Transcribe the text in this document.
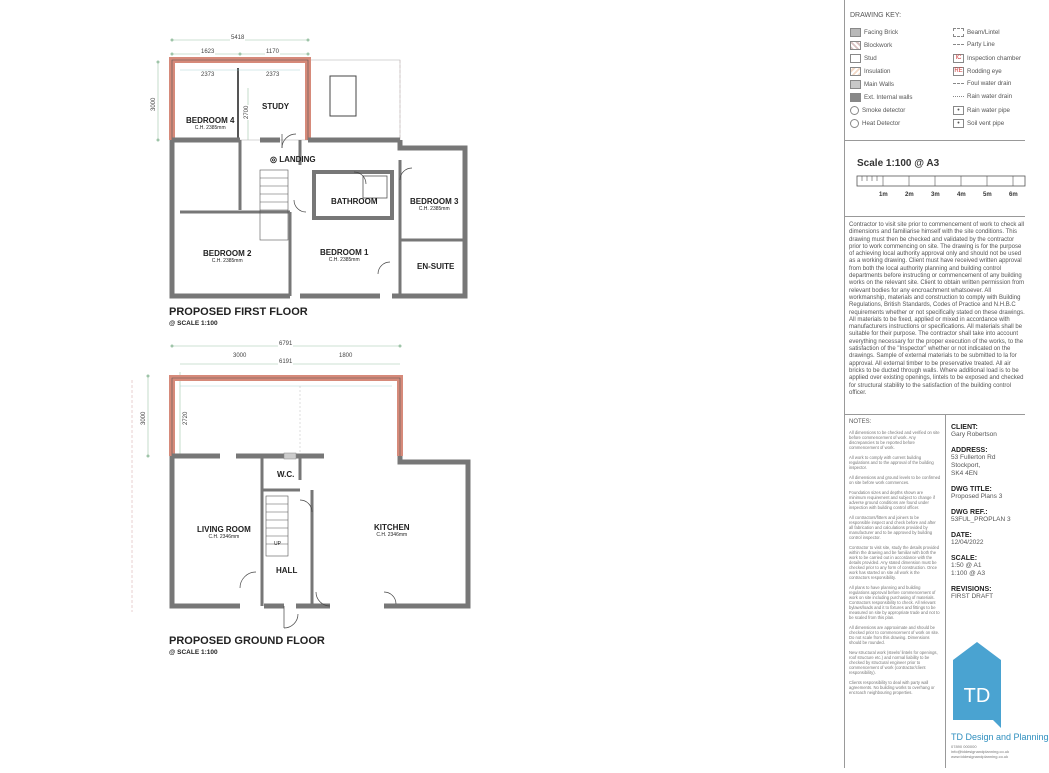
5418
1623	1170
2373	2373
3000
2700
6791
3000	1800
6191
3000	2720
BEDROOM 4
C.H. 2385mm
STUDY
◎ LANDING
BATHROOM	BEDROOM 3
C.H. 2385mm
BEDROOM 2
C.H. 2385mm
BEDROOM 1
C.H. 2385mm
EN-SUITE
PROPOSED FIRST FLOOR
@ SCALE 1:100
W.C.
LIVING ROOM
C.H. 2346mm
KITCHEN
C.H. 2346mm
UP
HALL
PROPOSED GROUND FLOOR
@ SCALE 1:100
DRAWING KEY:
Facing Brick
Blockwork
Stud
Insulation
Main Walls
Ext. Internal walls
Smoke detector
Heat Detector
Beam/Lintel
Party Line
IC Inspection chamber
RE Rodding eye
Foul water drain
Rain water drain
•	Rain water pipe
•	Soil vent pipe
Scale 1:100 @ A3
1m	2m	3m	4m	5m	6m
Contractor to visit site prior to commencement of work to check all dimensions and familiarise himself with the site conditions. This drawing must then be checked and validated by the contractor prior to work commencing on site. The drawing is for the purpose of achieving local authority approval only and should not be used as a working drawing. Client must have received written approval from both the local authority planning and building control departments before instructing or commencement of any building works on the relevant site. Client to obtain written permission from relevant bodies for any encroachment whatsoever. All workmanship, materials and construction to comply with Building Regulations, British Standards, Codes of Practice and N.H.B.C requirements whether or not specifically stated on these drawings. All materials to be fixed, applied or mixed in accordance with manufacturers instructions or specifications. All materials shall be suitable for their purpose. The contractor shall take into account everything necessary for the proper execution of the works, to the satisfaction of the "Inspector" whether or not indicated on the drawings. Sample of external materials to be submitted to la for approval. All external timber to be preservative treated. All air bricks to be ducted through walls. Where additional load is to be applied over existing openings, lintels to be exposed and checked for structural stability to the satisfaction of the building control officer.

NOTES:

All dimensions to be checked and verified on site before commencement of work. Any discrepancies to be reported before commencement of work.

All work to comply with current building regulations and to the approval of the building inspector.

All dimensions and ground levels to be confirmed on site before work commences.

Foundation sizes and depths shown are minimum requirement and subject to change if adverse ground conditions are found under inspection with building control officer.

All contractors/fitters and joiners to be responsible inspect and check before and after all fabrication and calculations provided by manufacturer and to be approved by building control inspector.

Contractor to visit site, study the details provided within the drawing and be familiar with both the work to be carried out in accordance with the details provided. Any stated dimension must be checked prior to any form of construction. Once work has started on site all work is the contractors responsibility.

All plans to have planning and building regulations approval before commencement of work on site including purchasing of materials. Contractors responsibility to check. All relevant bylaws/loads and it to fixtures and fittings to be measured on site by appropriate trade and not to be scaled from this plan.

All dimensions are approximate and should be checked prior to commencement of work on site. Do not scale from this drawing. Dimensions should be rounded.

New structural work (steels/ lintels for openings, roof structure etc.) and normal liability to be checked by structural engineer prior to commencement of work (contractor/client responsibility).

Clients responsibility to deal with party wall agreements. No building works to overhang or encroach neighbouring properties.

CLIENT:
Gary Robertson
ADDRESS:
53 Fullerton Rd
Stockport,
SK4 4EN
DWG TITLE:
Proposed Plans 3
DWG REF.:
53FUL_PROPLAN 3
DATE:
12/04/2022
SCALE:
1:50 @ A1
1:100 @ A3
REVISIONS:
FIRST DRAFT
TD
TD Design and Planning
07890 000000
info@tddesignandplanning.co.uk
www.tddesignandplanning.co.uk
